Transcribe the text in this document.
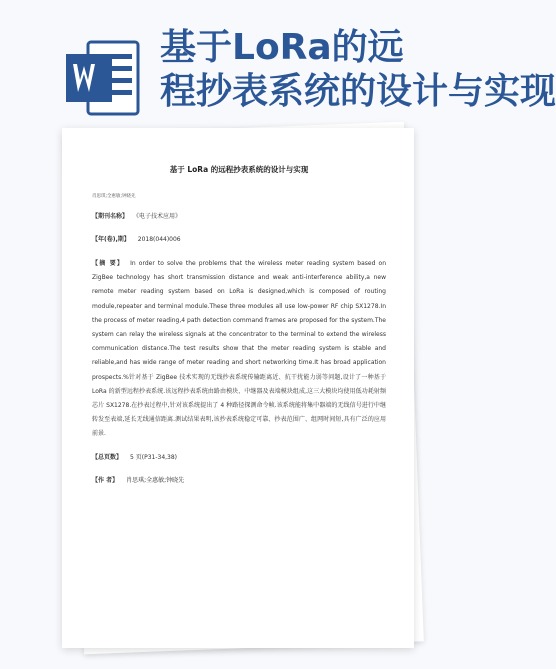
基于LoRa的远
程抄表系统的设计与实现
基于 LoRa 的远程抄表系统的设计与实现
肖思琪;全惠敏;钟晓先
【期刊名称】 《电子技术应用》
【年(卷),期】 2018(044)006
【摘 要】 In order to solve the problems that the wireless meter reading system based on ZigBee technology has short transmission distance and weak anti-interference ability,a new remote meter reading system based on LoRa is designed,which is composed of routing module,repeater and terminal module.These three modules all use low-power RF chip SX1278.In the process of meter reading,4 path detection command frames are proposed for the system.The system can relay the wireless signals at the concentrator to the terminal to extend the wireless communication distance.The test results show that the meter reading system is stable and reliable,and has wide range of meter reading and short networking time.It has broad application prospects.%针对基于 ZigBee 技术实现的无线抄表系统传输距离近、抗干扰能力弱等问题,设计了一种基于 LoRa 的新型远程抄表系统.该远程抄表系统由路由模块、中继器及表端模块组成,这三大模块均使用低功耗射频芯片 SX1278.在抄表过程中,针对该系统提出了 4 种路径探测命令帧.该系统能将集中器端的无线信号进行中继转发至表端,延长无线通信距离.测试结果表明,该抄表系统稳定可靠、抄表范围广、组网时间短,具有广泛的应用前景.
【总页数】 5 页(P31-34,38)
【作 者】 肖思琪;全惠敏;钟晓先
